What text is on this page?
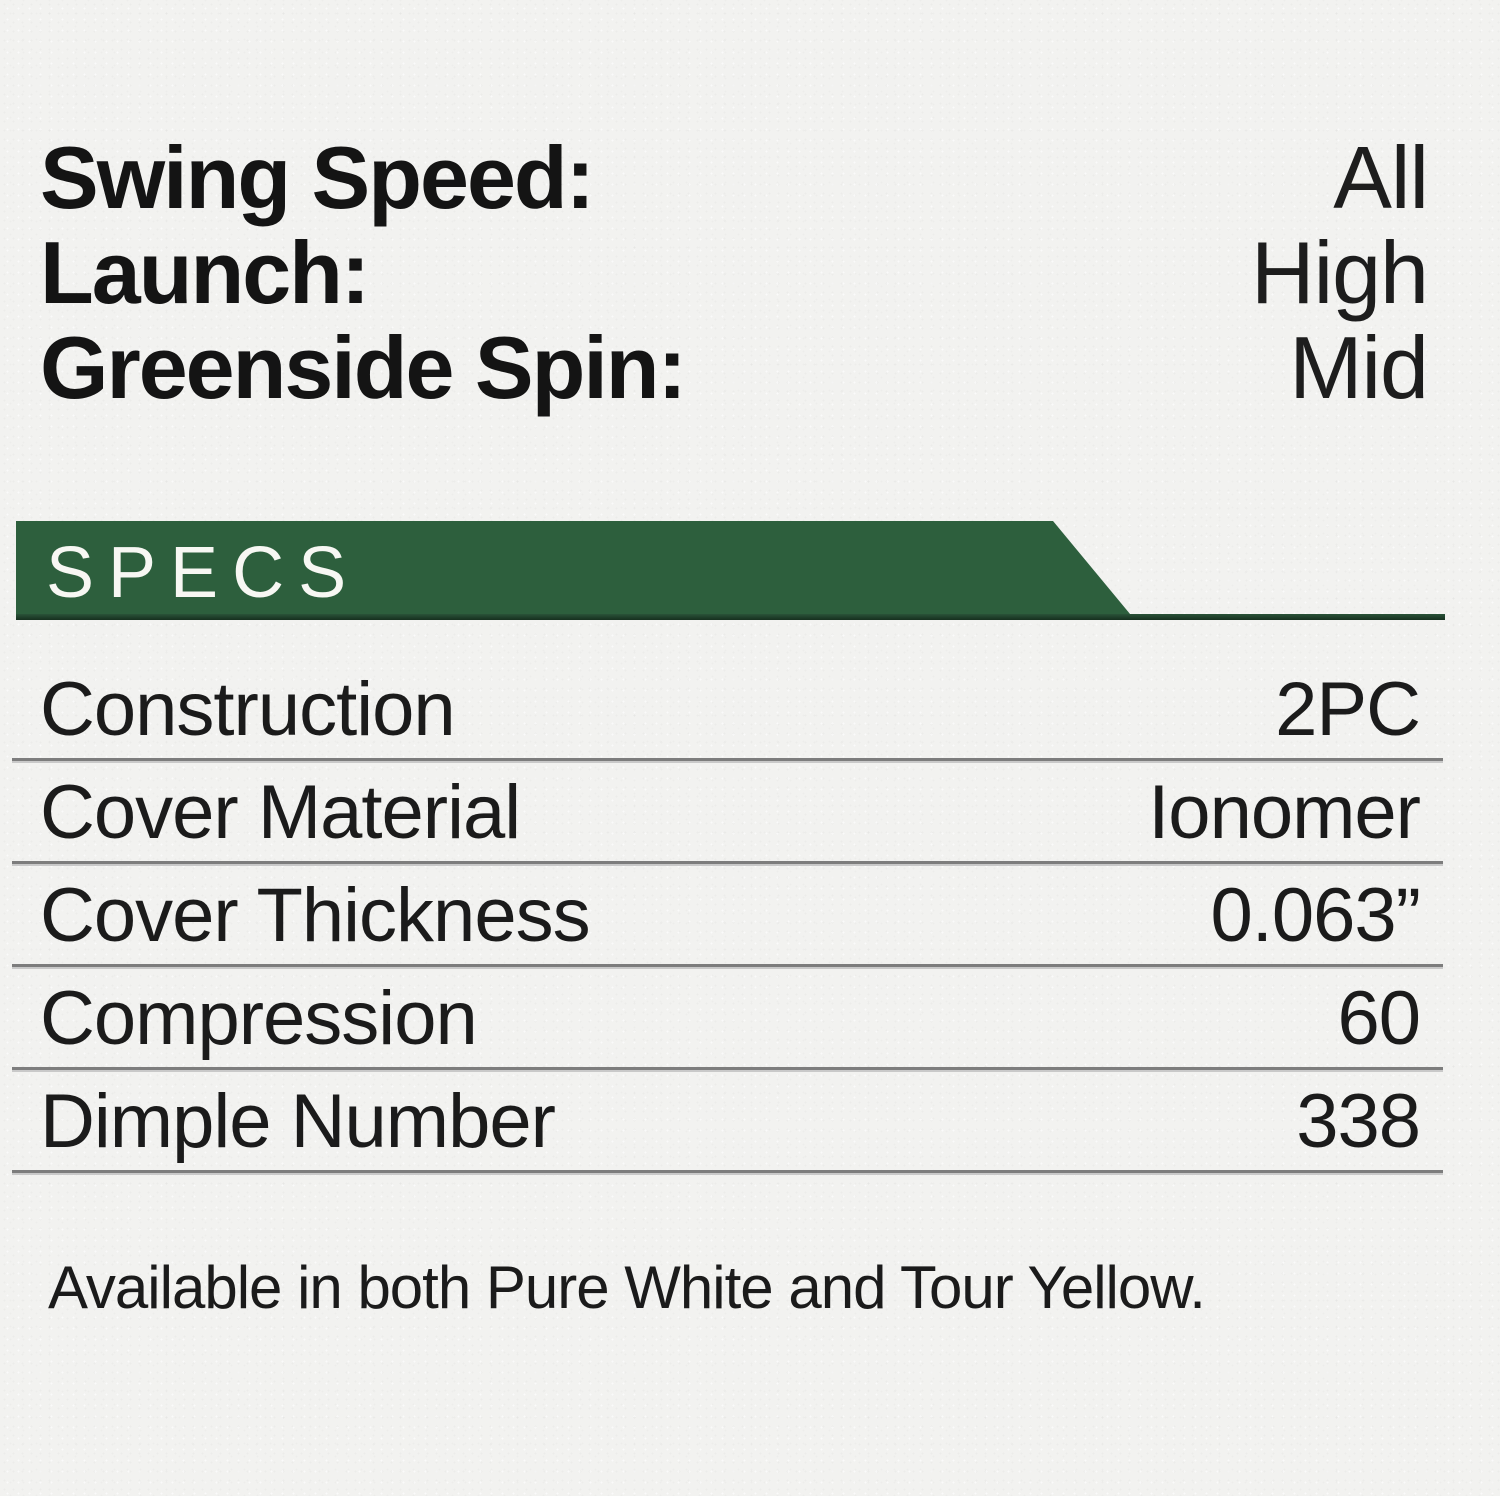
Swing Speed:	All
Launch:	High
Greenside Spin:	Mid
SPECS
Construction	2PC
Cover Material	Ionomer
Cover Thickness	0.063”
Compression	60
Dimple Number	338
Available in both Pure White and Tour Yellow.
